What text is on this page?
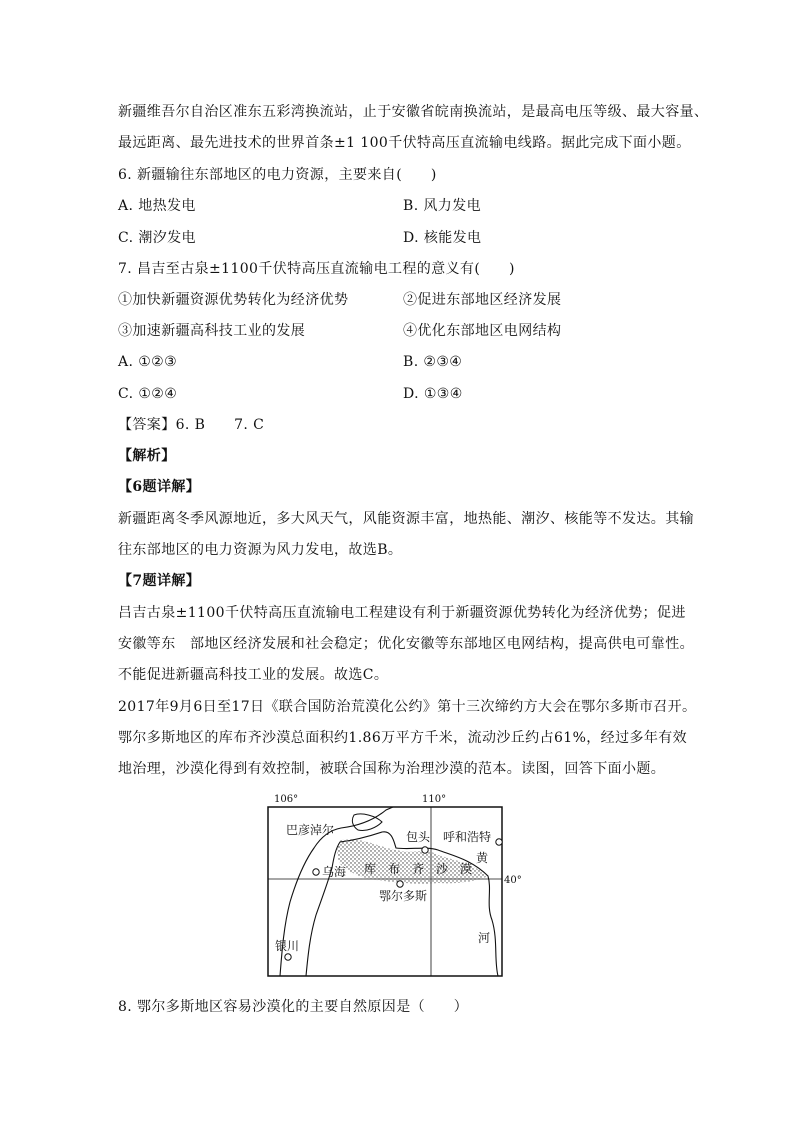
新疆维吾尔自治区准东五彩湾换流站，止于安徽省皖南换流站，是最高电压等级、最大容量、
最远距离、最先进技术的世界首条±1 100千伏特高压直流输电线路。据此完成下面小题。
6. 新疆输往东部地区的电力资源，主要来自(　　)
A. 地热发电	B. 风力发电
C. 潮汐发电	D. 核能发电
7. 昌吉至古泉±1100千伏特高压直流输电工程的意义有(　　)
①加快新疆资源优势转化为经济优势	②促进东部地区经济发展
③加速新疆高科技工业的发展	④优化东部地区电网结构
A. ①②③	B. ②③④
C. ①②④	D. ①③④
【答案】6. B　　7. C
【解析】
【6题详解】
新疆距离冬季风源地近，多大风天气，风能资源丰富，地热能、潮汐、核能等不发达。其输
往东部地区的电力资源为风力发电，故选B。
【7题详解】
吕吉古泉±1100千伏特高压直流输电工程建设有利于新疆资源优势转化为经济优势；促进
安徽等东　部地区经济发展和社会稳定；优化安徽等东部地区电网结构，提高供电可靠性。
不能促进新疆高科技工业的发展。故选C。
2017年9月6日至17日《联合国防治荒漠化公约》第十三次缔约方大会在鄂尔多斯市召开。
鄂尔多斯地区的库布齐沙漠总面积约1.86万平方千米，流动沙丘约占61%，经过多年有效
地治理，沙漠化得到有效控制，被联合国称为治理沙漠的范本。读图，回答下面小题。
106°	110°
40°
巴彦淖尔	包头 呼和浩特
黄
库　布　齐　沙　漠
乌海
鄂尔多斯
银川
河
8. 鄂尔多斯地区容易沙漠化的主要自然原因是（　　）
